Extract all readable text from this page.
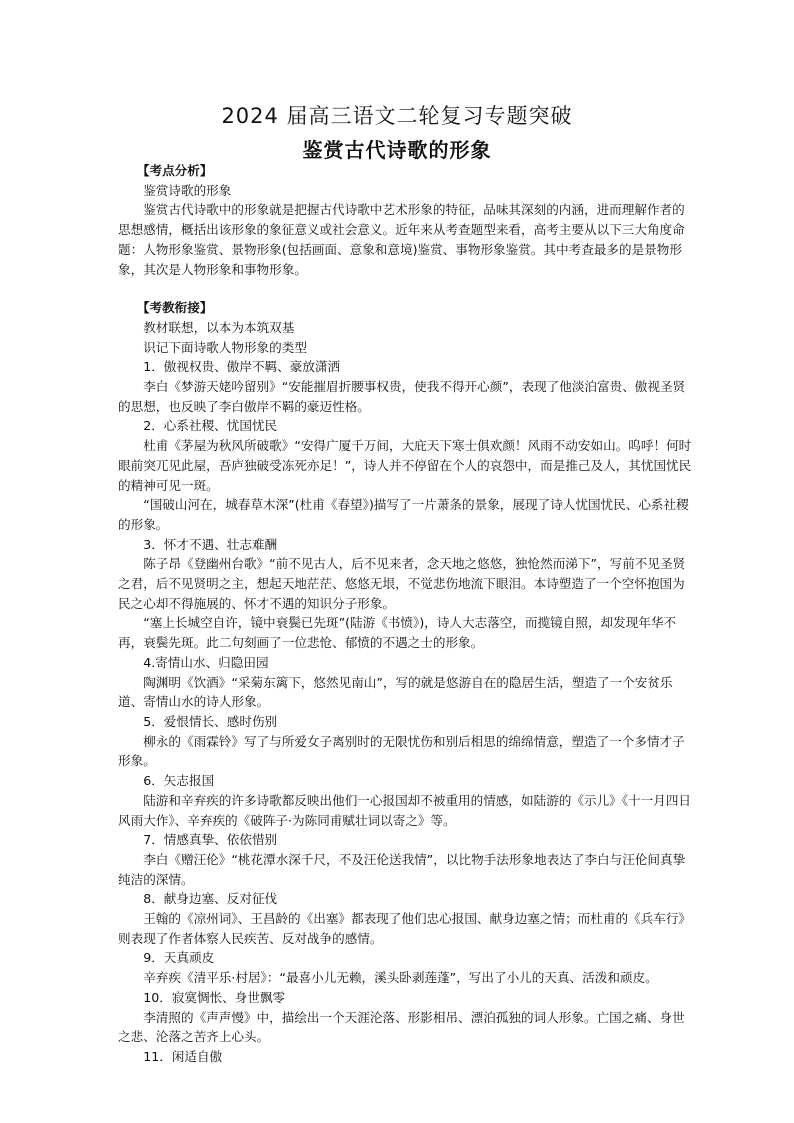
2024 届高三语文二轮复习专题突破
鉴赏古代诗歌的形象

【考点分析】

鉴赏诗歌的形象

鉴赏古代诗歌中的形象就是把握古代诗歌中艺术形象的特征，品味其深刻的内涵，进而理解作者的思想感情，概括出该形象的象征意义或社会意义。近年来从考查题型来看，高考主要从以下三大角度命题：人物形象鉴赏、景物形象(包括画面、意象和意境)鉴赏、事物形象鉴赏。其中考查最多的是景物形象，其次是人物形象和事物形象。

【考教衔接】

教材联想，以本为本筑双基

识记下面诗歌人物形象的类型

1．傲视权贵、傲岸不羁、豪放潇洒

李白《梦游天姥吟留别》“安能摧眉折腰事权贵，使我不得开心颜”，表现了他淡泊富贵、傲视圣贤的思想，也反映了李白傲岸不羁的豪迈性格。

2．心系社稷、忧国忧民

杜甫《茅屋为秋风所破歌》“安得广厦千万间，大庇天下寒士俱欢颜！风雨不动安如山。呜呼！何时眼前突兀见此屋，吾庐独破受冻死亦足！”，诗人并不停留在个人的哀怨中，而是推己及人，其忧国忧民的精神可见一斑。

“国破山河在，城春草木深”(杜甫《春望》)描写了一片萧条的景象，展现了诗人忧国忧民、心系社稷的形象。

3．怀才不遇、壮志难酬

陈子昂《登幽州台歌》“前不见古人，后不见来者，念天地之悠悠，独怆然而涕下”，写前不见圣贤之君，后不见贤明之主，想起天地茫茫、悠悠无垠，不觉悲伤地流下眼泪。本诗塑造了一个空怀抱国为民之心却不得施展的、怀才不遇的知识分子形象。

“塞上长城空自许，镜中衰鬓已先斑”(陆游《书愤》)，诗人大志落空，而揽镜自照，却发现年华不再，衰鬓先斑。此二句刻画了一位悲怆、郁愤的不遇之士的形象。

4.寄情山水、归隐田园

陶渊明《饮酒》“采菊东篱下，悠然见南山”，写的就是悠游自在的隐居生活，塑造了一个安贫乐道、寄情山水的诗人形象。

5．爱恨情长、感时伤别

柳永的《雨霖铃》写了与所爱女子离别时的无限忧伤和别后相思的绵绵情意，塑造了一个多情才子形象。

6．矢志报国

陆游和辛弃疾的许多诗歌都反映出他们一心报国却不被重用的情感，如陆游的《示儿》《十一月四日风雨大作》、辛弃疾的《破阵子·为陈同甫赋壮词以寄之》等。

7．情感真挚、依依惜别

李白《赠汪伦》“桃花潭水深千尺，不及汪伦送我情”，以比物手法形象地表达了李白与汪伦间真挚纯洁的深情。

8．献身边塞、反对征伐

王翰的《凉州词》、王昌龄的《出塞》都表现了他们忠心报国、献身边塞之情；而杜甫的《兵车行》则表现了作者体察人民疾苦、反对战争的感情。

9．天真顽皮

辛弃疾《清平乐·村居》：“最喜小儿无赖，溪头卧剥莲蓬”，写出了小儿的天真、活泼和顽皮。

10．寂寞惆怅、身世飘零

李清照的《声声慢》中，描绘出一个天涯沦落、形影相吊、漂泊孤独的词人形象。亡国之痛、身世之悲、沦落之苦齐上心头。

11．闲适自傲
